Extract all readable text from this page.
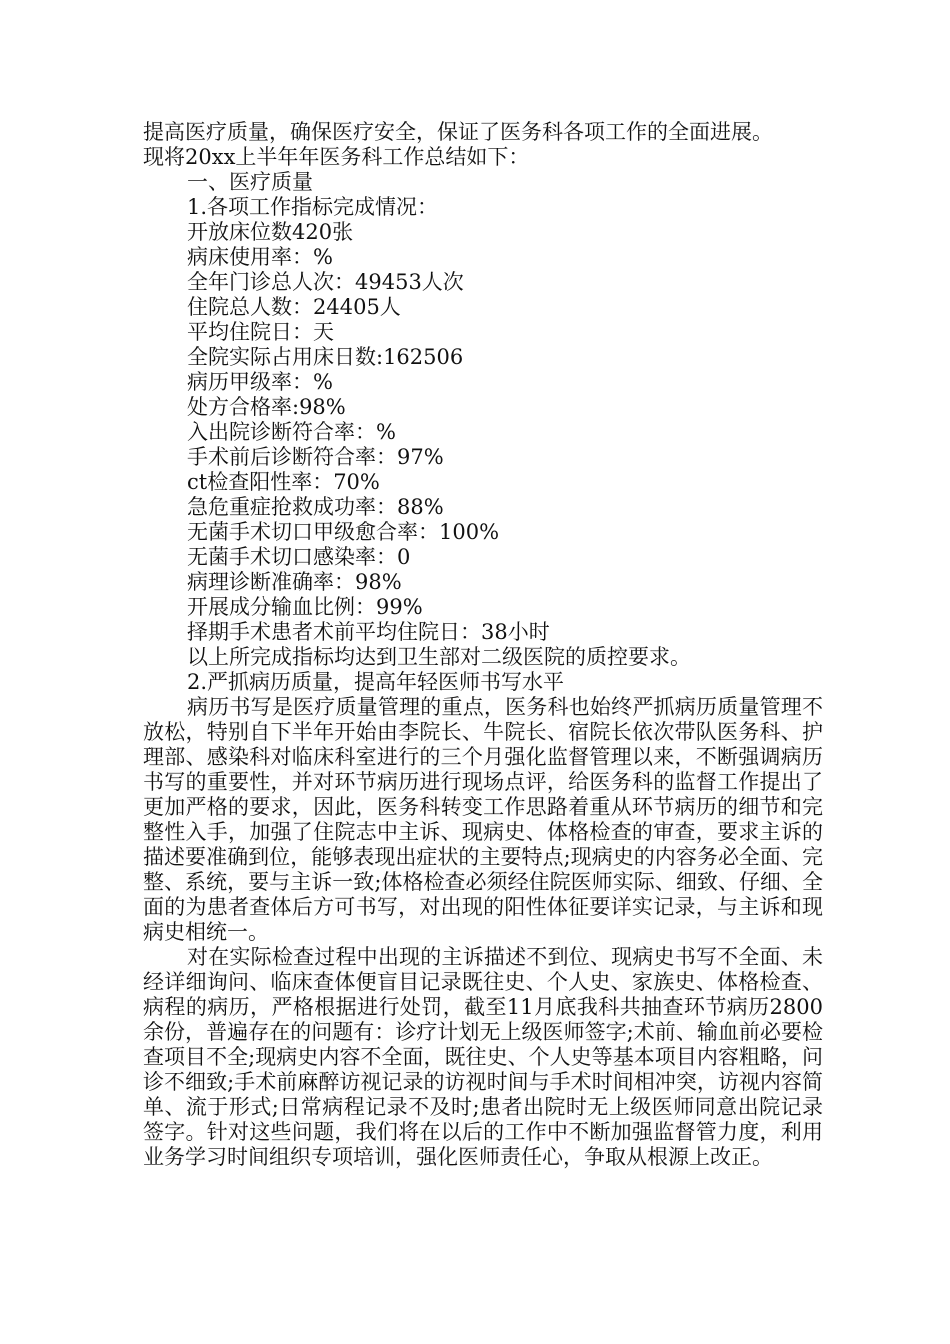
提高医疗质量，确保医疗安全，保证了医务科各项工作的全面进展。
现将20xx上半年年医务科工作总结如下：
一、医疗质量
1.各项工作指标完成情况：
开放床位数420张
病床使用率：%
全年门诊总人次：49453人次
住院总人数：24405人
平均住院日：天
全院实际占用床日数:162506
病历甲级率：%
处方合格率:98%
入出院诊断符合率：%
手术前后诊断符合率：97%
ct检查阳性率：70%
急危重症抢救成功率：88%
无菌手术切口甲级愈合率：100%
无菌手术切口感染率：0
病理诊断准确率：98%
开展成分输血比例：99%
择期手术患者术前平均住院日：38小时
以上所完成指标均达到卫生部对二级医院的质控要求。
2.严抓病历质量，提高年轻医师书写水平

病历书写是医疗质量管理的重点，医务科也始终严抓病历质量管理不放松，特别自下半年开始由李院长、牛院长、宿院长依次带队医务科、护理部、感染科对临床科室进行的三个月强化监督管理以来，不断强调病历书写的重要性，并对环节病历进行现场点评，给医务科的监督工作提出了更加严格的要求，因此，医务科转变工作思路着重从环节病历的细节和完整性入手，加强了住院志中主诉、现病史、体格检查的审查，要求主诉的描述要准确到位，能够表现出症状的主要特点;现病史的内容务必全面、完整、系统，要与主诉一致;体格检查必须经住院医师实际、细致、仔细、全面的为患者查体后方可书写，对出现的阳性体征要详实记录，与主诉和现病史相统一。

对在实际检查过程中出现的主诉描述不到位、现病史书写不全面、未经详细询问、临床查体便盲目记录既往史、个人史、家族史、体格检查、病程的病历，严格根据进行处罚，截至11月底我科共抽查环节病历2800余份，普遍存在的问题有：诊疗计划无上级医师签字;术前、输血前必要检查项目不全;现病史内容不全面，既往史、个人史等基本项目内容粗略，问诊不细致;手术前麻醉访视记录的访视时间与手术时间相冲突，访视内容简单、流于形式;日常病程记录不及时;患者出院时无上级医师同意出院记录签字。针对这些问题，我们将在以后的工作中不断加强监督管力度，利用业务学习时间组织专项培训，强化医师责任心，争取从根源上改正。
